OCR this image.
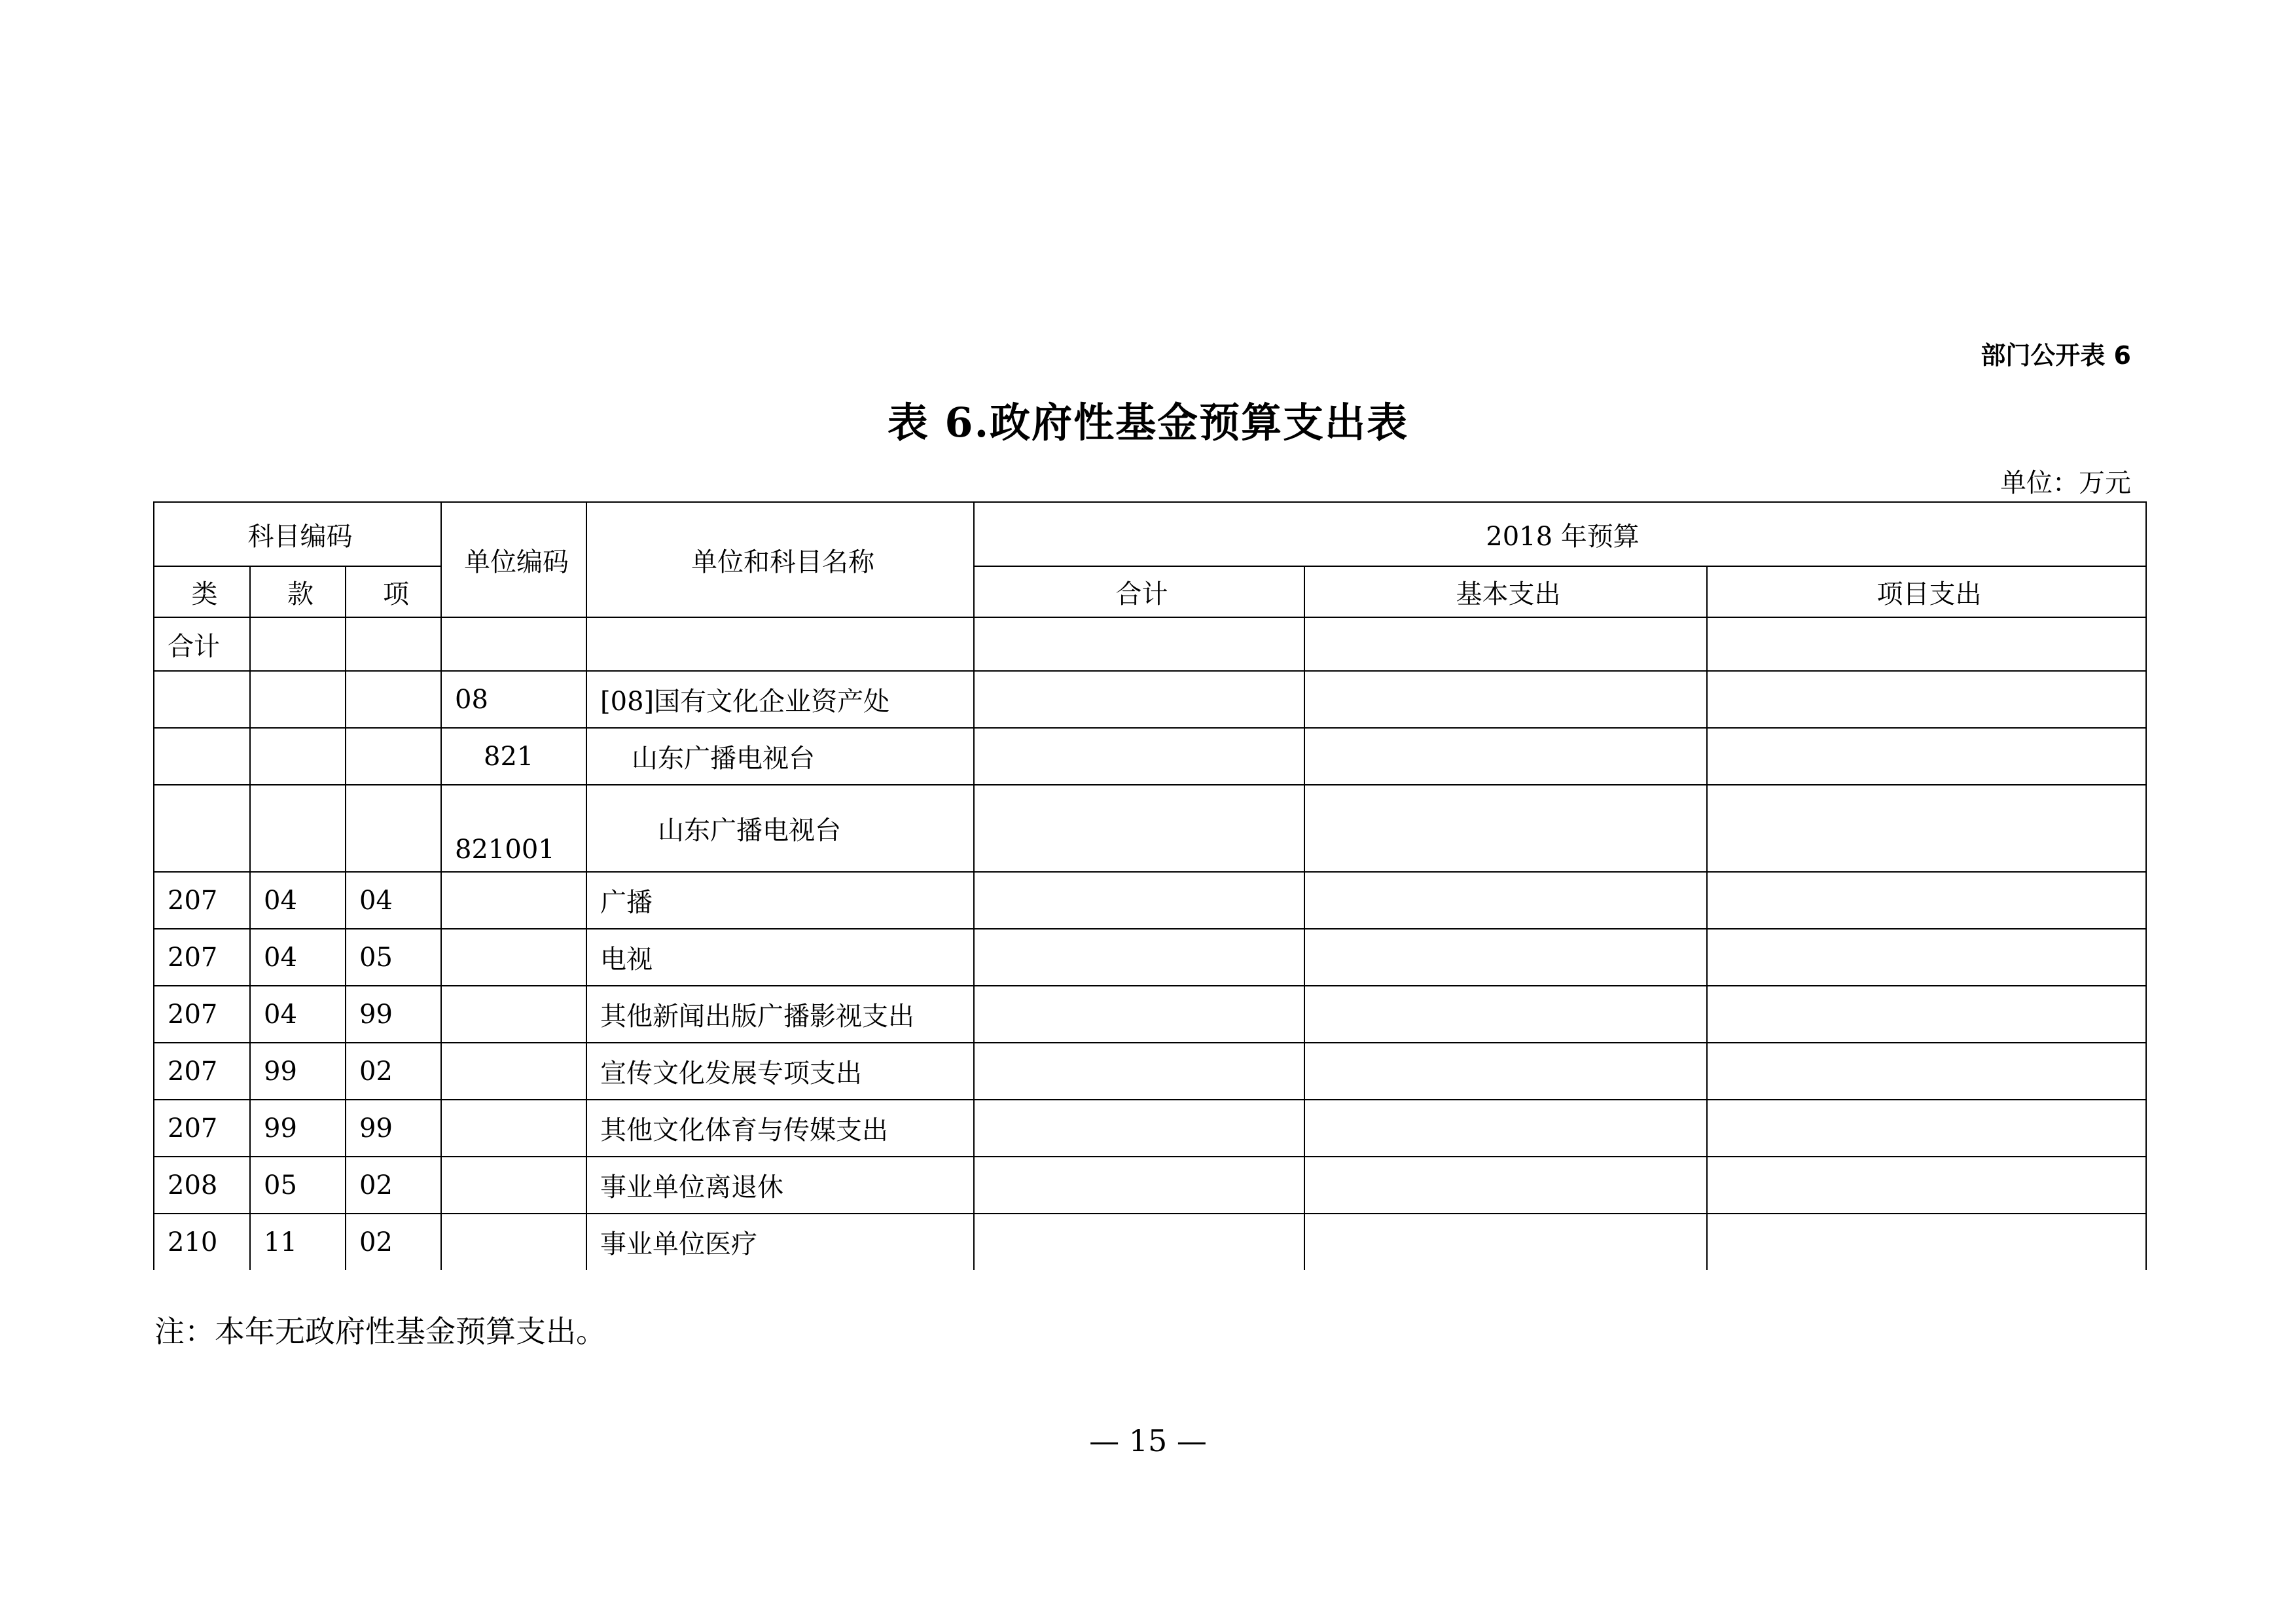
部门公开表 6
表 6.政府性基金预算支出表
单位：万元
科目编码			单位编码	单位和科目名称	2018 年预算		
类	款	项			合计	基本支出	项目支出
合计							
			08	[08]国有文化企业资产处			
			821	山东广播电视台			
			821001	山东广播电视台			
207	04	04		广播			
207	04	05		电视			
207	04	99		其他新闻出版广播影视支出			
207	99	02		宣传文化发展专项支出			
207	99	99		其他文化体育与传媒支出			
208	05	02		事业单位离退休			
210	11	02		事业单位医疗			
注：本年无政府性基金预算支出。
— 15 —
